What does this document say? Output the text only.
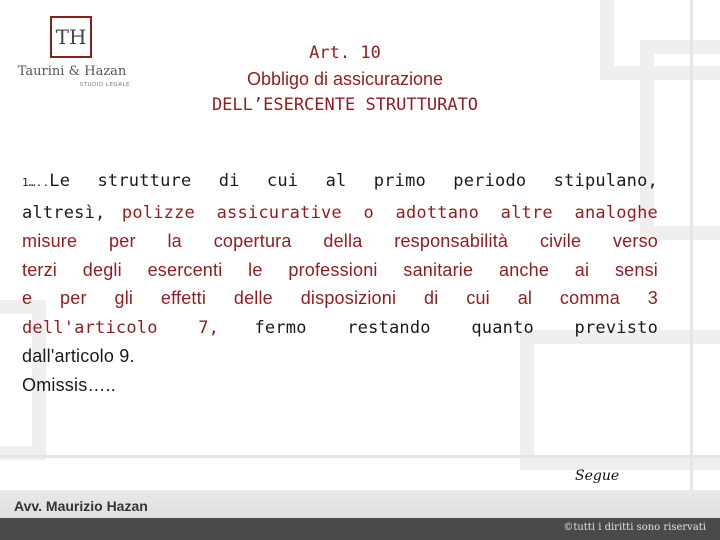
TH
Taurini & Hazan
STUDIO LEGALE
Art. 10
Obbligo di assicurazione
DELL’ESERCENTE STRUTTURATO
1…..Le strutture di cui al primo periodo stipulano,
altresì, polizze assicurative o adottano altre analoghe
misure per la copertura della responsabilità civile verso
terzi degli esercenti le professioni sanitarie anche ai sensi
e per gli effetti delle disposizioni di cui al comma 3
dell'articolo 7, fermo restando quanto previsto
dall'articolo 9.
Omissis…..
Segue
Avv. Maurizio Hazan
©tutti i diritti sono riservati
